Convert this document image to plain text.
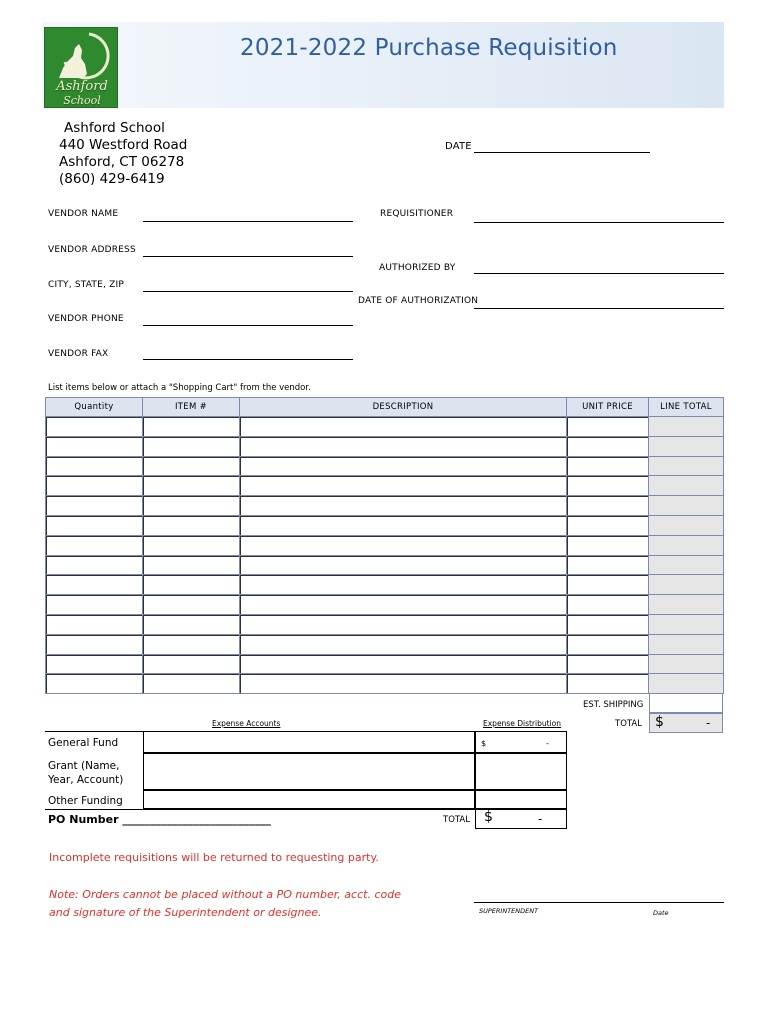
Ashford
School
2021-2022 Purchase Requisition
Ashford School
440 Westford Road
Ashford, CT 06278
(860) 429-6419
DATE
VENDOR NAME
VENDOR ADDRESS
CITY, STATE, ZIP
VENDOR PHONE
VENDOR FAX
REQUISITIONER
AUTHORIZED BY
DATE OF AUTHORIZATION
List items below or attach a "Shopping Cart" from the vendor.
Quantity	ITEM #	DESCRIPTION	UNIT PRICE	LINE TOTAL

EST. SHIPPING
TOTAL $	-
Expense Accounts	Expense Distribution
General Fund	$	-
Grant (Name,
Year, Account)
Other Funding
PO Number ___________________________	TOTAL $	-
Incomplete requisitions will be returned to requesting party.
Note: Orders cannot be placed without a PO number, acct. code
and signature of the Superintendent or designee.	SUPERINTENDENT	Date
